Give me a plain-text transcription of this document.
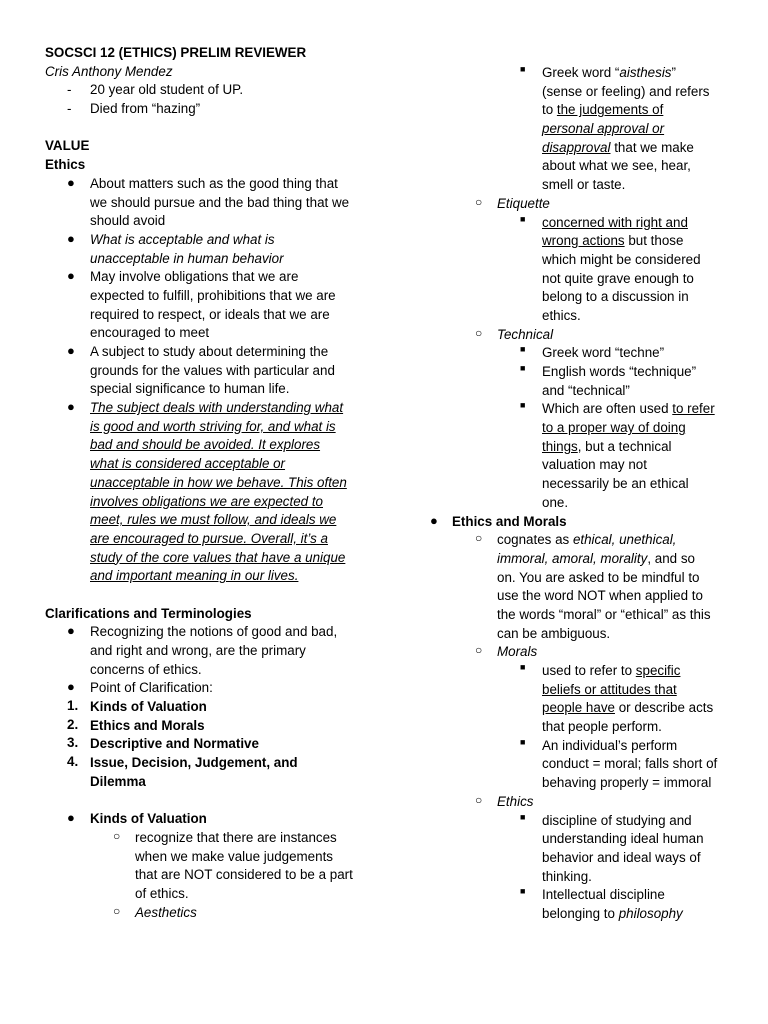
SOCSCI 12 (ETHICS) PRELIM REVIEWER
Cris Anthony Mendez
- 20 year old student of UP.
- Died from “hazing”
VALUE
Ethics
● About matters such as the good thing that
we should pursue and the bad thing that we
should avoid
● What is acceptable and what is
unacceptable in human behavior
● May involve obligations that we are
expected to fulfill, prohibitions that we are
required to respect, or ideals that we are
encouraged to meet
● A subject to study about determining the
grounds for the values with particular and
special significance to human life.
● The subject deals with understanding what
is good and worth striving for, and what is
bad and should be avoided. It explores
what is considered acceptable or
unacceptable in how we behave. This often
involves obligations we are expected to
meet, rules we must follow, and ideals we
are encouraged to pursue. Overall, it’s a
study of the core values that have a unique
and important meaning in our lives.
Clarifications and Terminologies
● Recognizing the notions of good and bad,
and right and wrong, are the primary
concerns of ethics.
● Point of Clarification:
1. Kinds of Valuation
2. Ethics and Morals
3. Descriptive and Normative
4. Issue, Decision, Judgement, and
Dilemma
● Kinds of Valuation
○ recognize that there are instances
when we make value judgements
that are NOT considered to be a part
of ethics.
○ Aesthetics
■ Greek word “aisthesis”
(sense or feeling) and refers
to the judgements of
personal approval or
disapproval that we make
about what we see, hear,
smell or taste.
○ Etiquette
■ concerned with right and
wrong actions but those
which might be considered
not quite grave enough to
belong to a discussion in
ethics.
○ Technical
■ Greek word “techne”
■ English words “technique”
and “technical”
■ Which are often used to refer
to a proper way of doing
things, but a technical
valuation may not
necessarily be an ethical
one.
●	Ethics and Morals
○ cognates as ethical, unethical,
immoral, amoral, morality, and so
on. You are asked to be mindful to
use the word NOT when applied to
the words “moral” or “ethical” as this
can be ambiguous.
○ Morals
■ used to refer to specific
beliefs or attitudes that
people have or describe acts
that people perform.
■ An individual’s perform
conduct = moral; falls short of
behaving properly = immoral
○ Ethics
■ discipline of studying and
understanding ideal human
behavior and ideal ways of
thinking.
■ Intellectual discipline
belonging to philosophy
